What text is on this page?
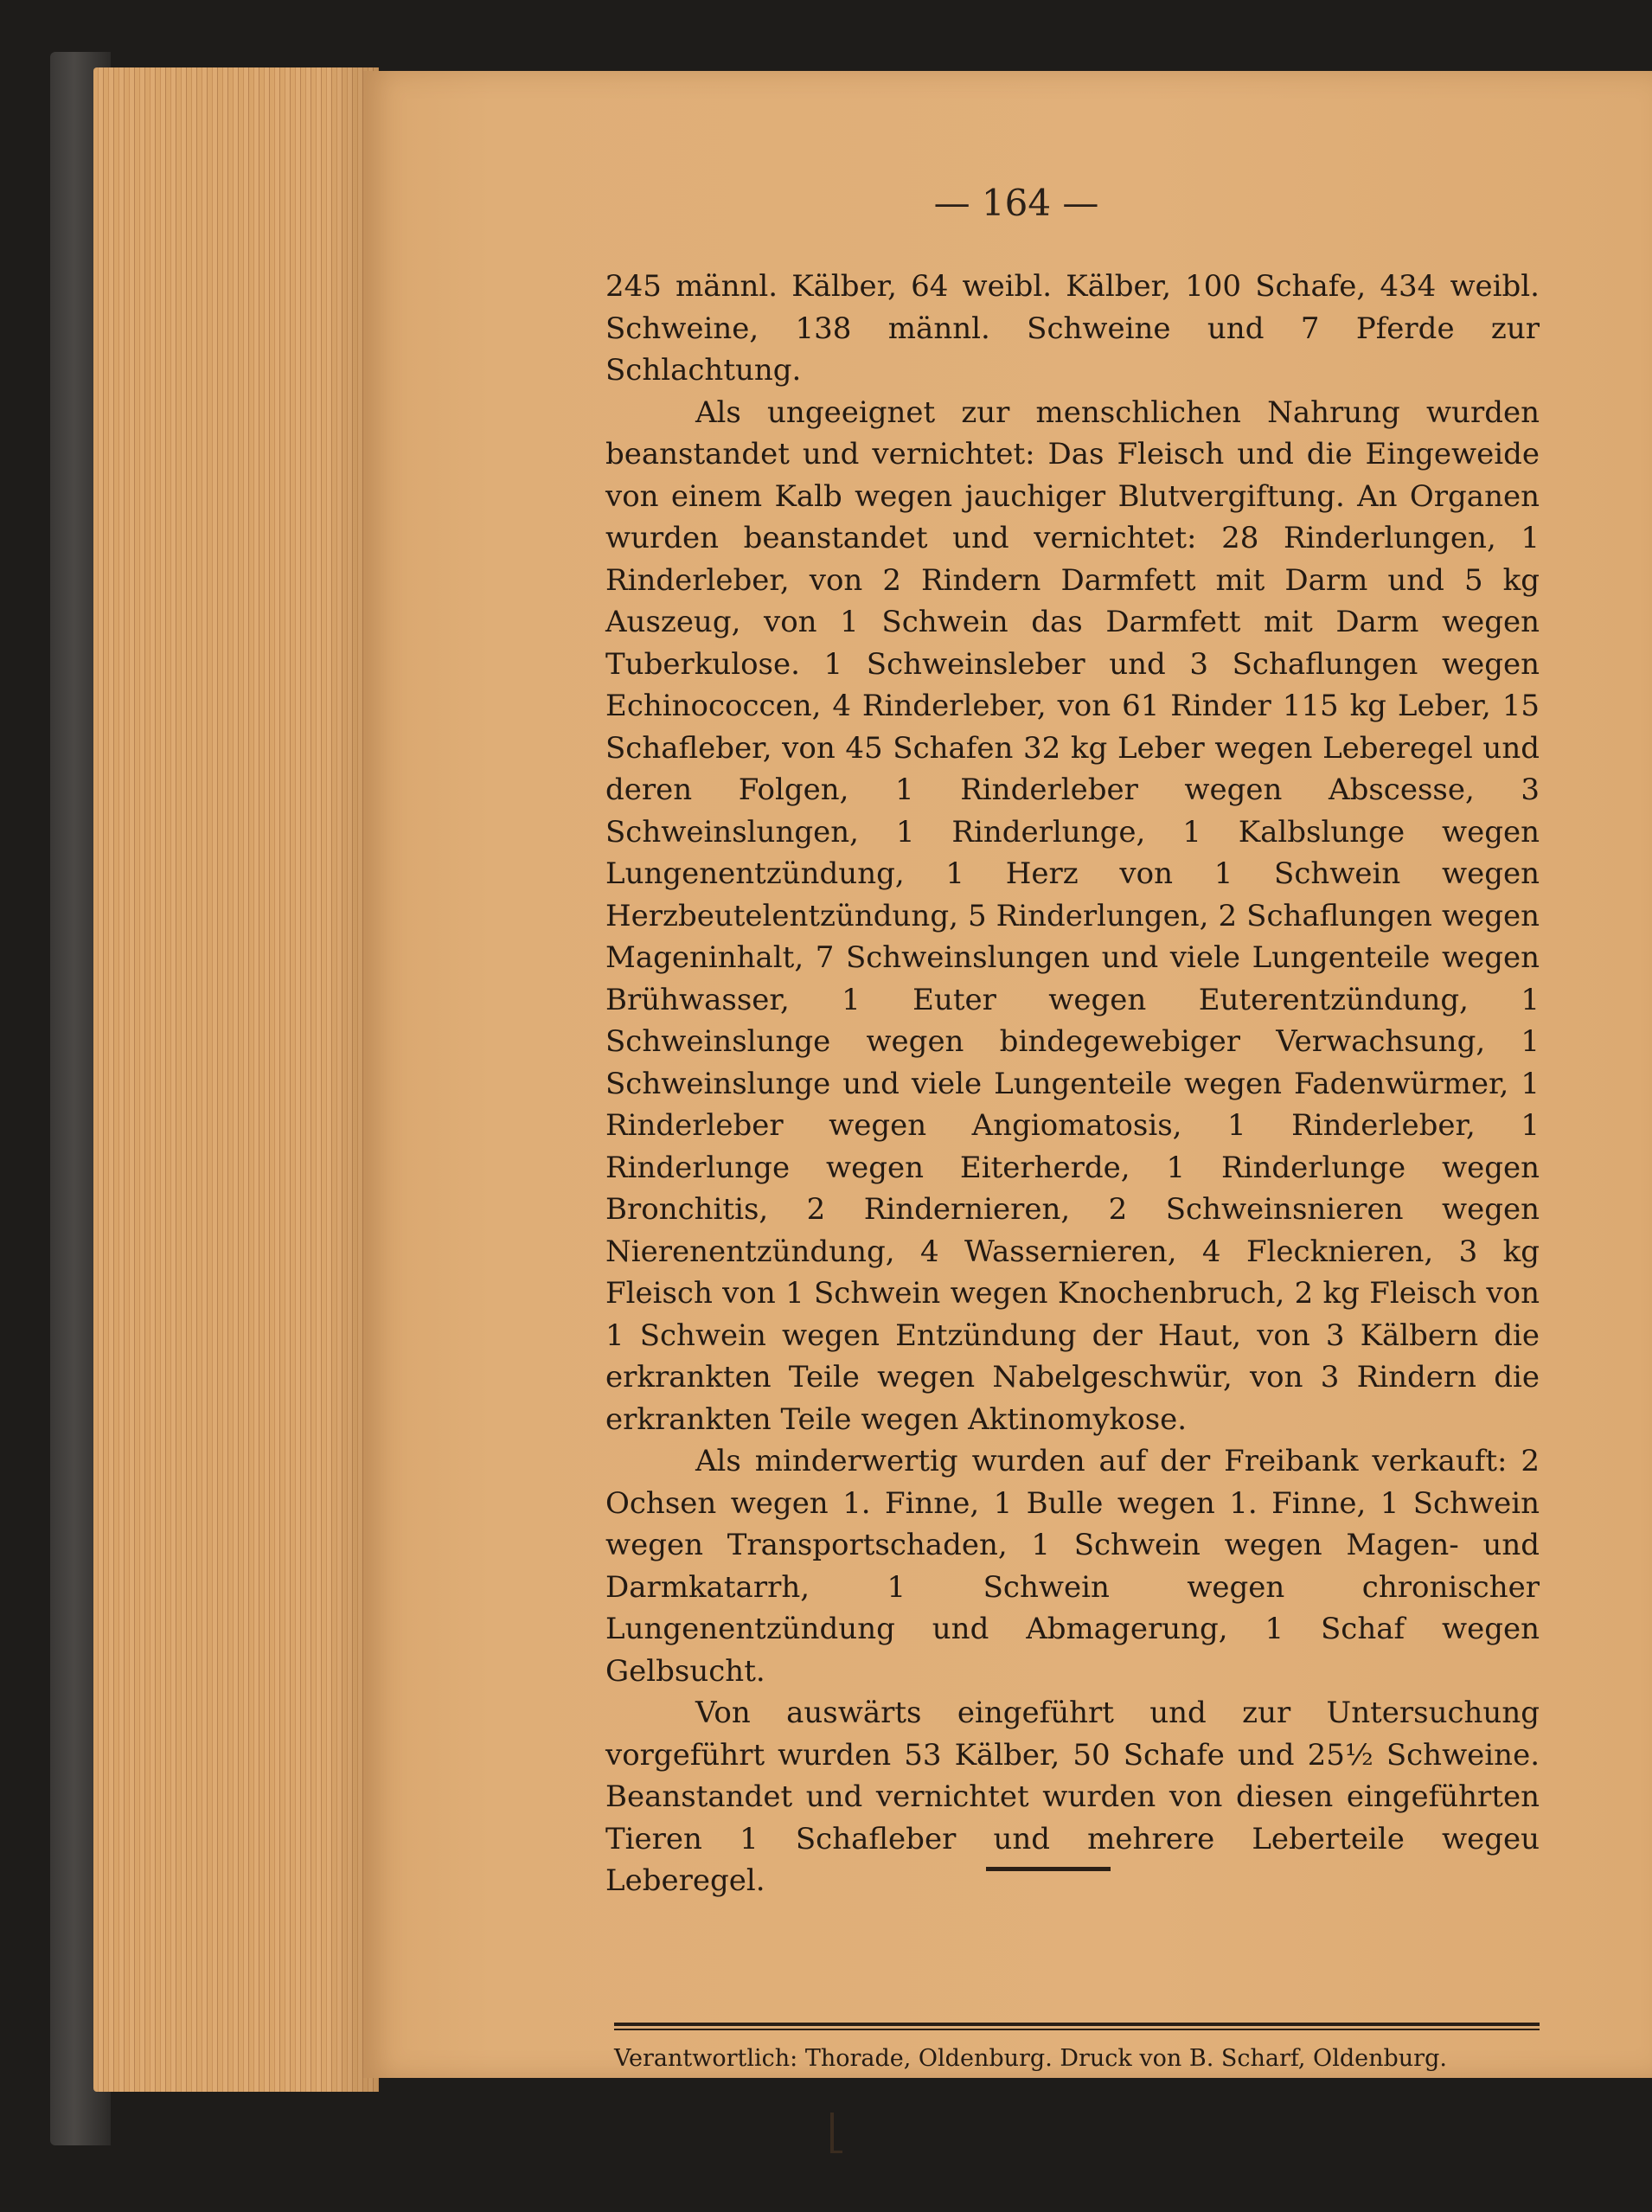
— 164 —

245 männl. Kälber, 64 weibl. Kälber, 100 Schafe, 434 weibl. Schweine, 138 männl. Schweine und 7 Pferde zur Schlachtung.

Als ungeeignet zur menschlichen Nahrung wurden beanstandet und vernichtet: Das Fleisch und die Eingeweide von einem Kalb wegen jauchiger Blutvergiftung. An Organen wurden beanstandet und vernichtet: 28 Rinderlungen, 1 Rinderleber, von 2 Rindern Darmfett mit Darm und 5 kg Auszeug, von 1 Schwein das Darmfett mit Darm wegen Tuberkulose. 1 Schweinsleber und 3 Schaflungen wegen Echinococcen, 4 Rinderleber, von 61 Rinder 115 kg Leber, 15 Schafleber, von 45 Schafen 32 kg Leber wegen Leberegel und deren Folgen, 1 Rinderleber wegen Abscesse, 3 Schweinslungen, 1 Rinderlunge, 1 Kalbslunge wegen Lungenentzündung, 1 Herz von 1 Schwein wegen Herzbeutelentzündung, 5 Rinderlungen, 2 Schaflungen wegen Mageninhalt, 7 Schweinslungen und viele Lungenteile wegen Brühwasser, 1 Euter wegen Euterentzündung, 1 Schweinslunge wegen bindegewebiger Verwachsung, 1 Schweinslunge und viele Lungenteile wegen Fadenwürmer, 1 Rinderleber wegen Angiomatosis, 1 Rinderleber, 1 Rinderlunge wegen Eiterherde, 1 Rinderlunge wegen Bronchitis, 2 Rindernieren, 2 Schweinsnieren wegen Nierenentzündung, 4 Wassernieren, 4 Flecknieren, 3 kg Fleisch von 1 Schwein wegen Knochenbruch, 2 kg Fleisch von 1 Schwein wegen Entzündung der Haut, von 3 Kälbern die erkrankten Teile wegen Nabelgeschwür, von 3 Rindern die erkrankten Teile wegen Aktinomykose.

Als minderwertig wurden auf der Freibank verkauft: 2 Ochsen wegen 1. Finne, 1 Bulle wegen 1. Finne, 1 Schwein wegen Transportschaden, 1 Schwein wegen Magen- und Darmkatarrh, 1 Schwein wegen chronischer Lungenentzündung und Abmagerung, 1 Schaf wegen Gelbsucht.

Von auswärts eingeführt und zur Untersuchung vorgeführt wurden 53 Kälber, 50 Schafe und 25½ Schweine. Beanstandet und vernichtet wurden von diesen eingeführten Tieren 1 Schafleber und mehrere Leberteile wegeu Leberegel.

Verantwortlich: Thorade, Oldenburg. Druck von B. Scharf, Oldenburg.
